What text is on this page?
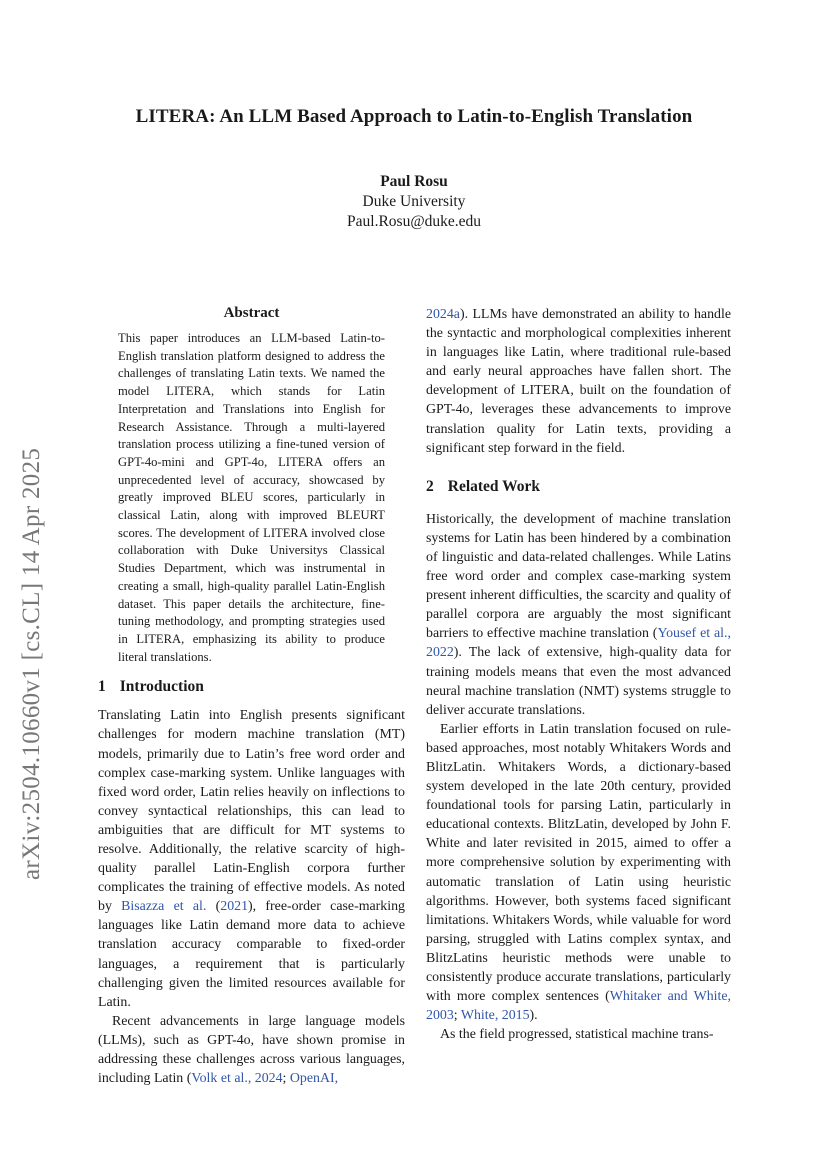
arXiv:2504.10660v1 [cs.CL] 14 Apr 2025
LITERA: An LLM Based Approach to Latin-to-English Translation
Paul Rosu
Duke University
Paul.Rosu@duke.edu
Abstract

This paper introduces an LLM-based Latin-to-English translation platform designed to address the challenges of translating Latin texts. We named the model LITERA, which stands for Latin Interpretation and Translations into English for Research Assistance. Through a multi-layered translation process utilizing a fine-tuned version of GPT-4o-mini and GPT-4o, LITERA offers an unprecedented level of accuracy, showcased by greatly improved BLEU scores, particularly in classical Latin, along with improved BLEURT scores. The development of LITERA involved close collaboration with Duke Universitys Classical Studies Department, which was instrumental in creating a small, high-quality parallel Latin-English dataset. This paper details the architecture, fine-tuning methodology, and prompting strategies used in LITERA, emphasizing its ability to produce literal translations.

1 Introduction

Translating Latin into English presents significant challenges for modern machine translation (MT) models, primarily due to Latin’s free word order and complex case-marking system. Unlike languages with fixed word order, Latin relies heavily on inflections to convey syntactical relationships, this can lead to ambiguities that are difficult for MT systems to resolve. Additionally, the relative scarcity of high-quality parallel Latin-English corpora further complicates the training of effective models. As noted by Bisazza et al. (2021), free-order case-marking languages like Latin demand more data to achieve translation accuracy comparable to fixed-order languages, a requirement that is particularly challenging given the limited resources available for Latin.

Recent advancements in large language models (LLMs), such as GPT-4o, have shown promise in addressing these challenges across various languages, including Latin (Volk et al., 2024; OpenAI,

2024a). LLMs have demonstrated an ability to handle the syntactic and morphological complexities inherent in languages like Latin, where traditional rule-based and early neural approaches have fallen short. The development of LITERA, built on the foundation of GPT-4o, leverages these advancements to improve translation quality for Latin texts, providing a significant step forward in the field.

2 Related Work

Historically, the development of machine translation systems for Latin has been hindered by a combination of linguistic and data-related challenges. While Latins free word order and complex case-marking system present inherent difficulties, the scarcity and quality of parallel corpora are arguably the most significant barriers to effective machine translation (Yousef et al., 2022). The lack of extensive, high-quality data for training models means that even the most advanced neural machine translation (NMT) systems struggle to deliver accurate translations.

Earlier efforts in Latin translation focused on rule-based approaches, most notably Whitakers Words and BlitzLatin. Whitakers Words, a dictionary-based system developed in the late 20th century, provided foundational tools for parsing Latin, particularly in educational contexts. BlitzLatin, developed by John F. White and later revisited in 2015, aimed to offer a more comprehensive solution by experimenting with automatic translation of Latin using heuristic algorithms. However, both systems faced significant limitations. Whitakers Words, while valuable for word parsing, struggled with Latins complex syntax, and BlitzLatins heuristic methods were unable to consistently produce accurate translations, particularly with more complex sentences (Whitaker and White, 2003; White, 2015).

As the field progressed, statistical machine trans-
